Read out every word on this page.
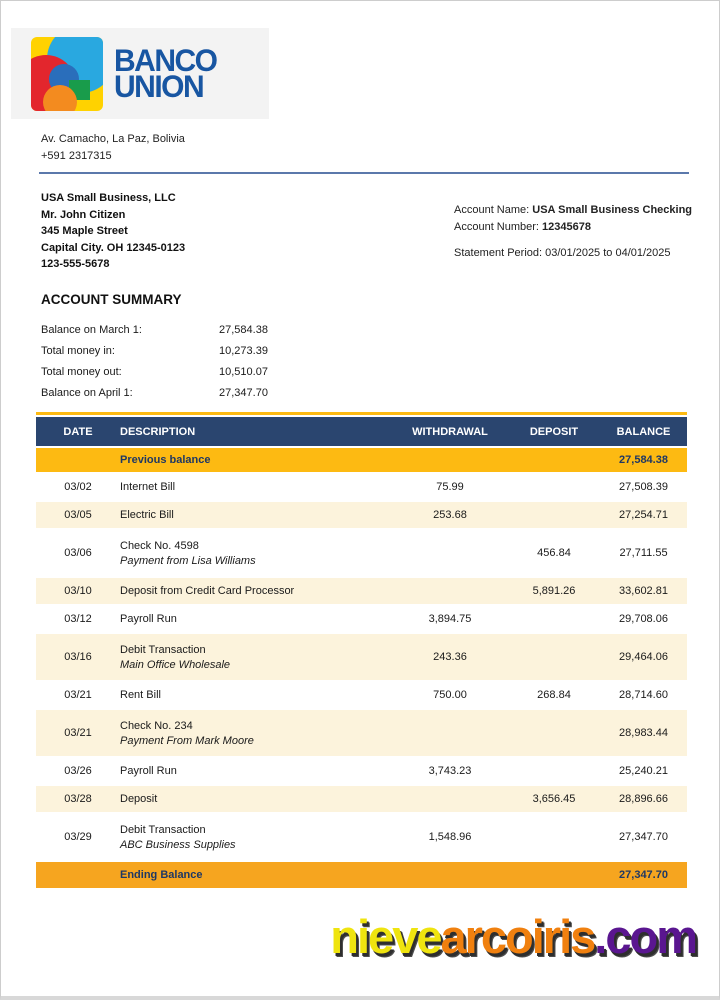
BANCO
UNION
Av. Camacho, La Paz, Bolivia
+591 2317315
USA Small Business, LLC
Mr. John Citizen
345 Maple Street
Capital City. OH 12345-0123
123-555-5678
Account Name: USA Small Business Checking
Account Number: 12345678
Statement Period: 03/01/2025 to 04/01/2025
ACCOUNT SUMMARY
Balance on March 1:	27,584.38
Total money in:	10,273.39
Total money out:	10,510.07
Balance on April 1:	27,347.70
DATE	DESCRIPTION	WITHDRAWAL	DEPOSIT	BALANCE
	Previous balance			27,584.38
03/02	Internet Bill	75.99		27,508.39
03/05	Electric Bill	253.68		27,254.71
03/06	Check No. 4598
Payment from Lisa Williams		456.84	27,711.55
03/10	Deposit from Credit Card Processor		5,891.26	33,602.81
03/12	Payroll Run	3,894.75		29,708.06
03/16	Debit Transaction
Main Office Wholesale	243.36		29,464.06
03/21	Rent Bill	750.00	268.84	28,714.60
03/21	Check No. 234
Payment From Mark Moore			28,983.44
03/26	Payroll Run	3,743.23		25,240.21
03/28	Deposit		3,656.45	28,896.66
03/29	Debit Transaction
ABC Business Supplies	1,548.96		27,347.70
	Ending Balance			27,347.70
nievearcoiris.com
